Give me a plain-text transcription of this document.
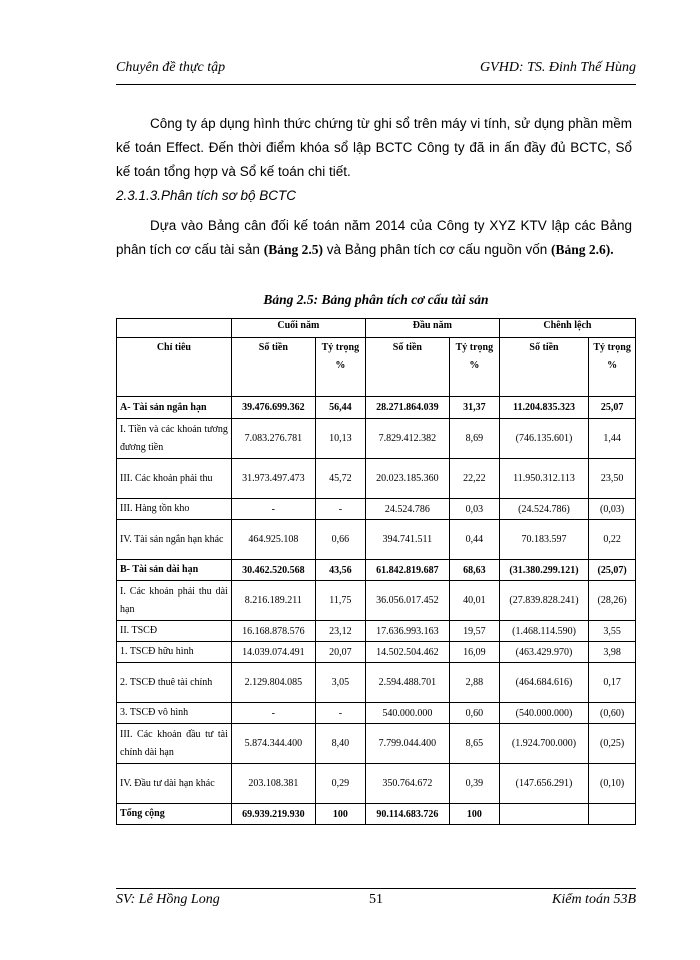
Chuyên đề thực tập	GVHD: TS. Đinh Thế Hùng
Công ty áp dụng hình thức chứng từ ghi sổ trên máy vi tính, sử dụng phần mềm kế toán Effect. Đến thời điểm khóa sổ lập BCTC Công ty đã in ấn đầy đủ BCTC, Sổ kế toán tổng hợp và Sổ kế toán chi tiết.
2.3.1.3.Phân tích sơ bộ BCTC
Dựa vào Bảng cân đối kế toán năm 2014 của Công ty XYZ KTV lập các Bảng phân tích cơ cấu tài sản (Bảng 2.5) và Bảng phân tích cơ cấu nguồn vốn (Bảng 2.6).
Bảng 2.5: Bảng phân tích cơ cấu tài sản
	Cuối năm		Đầu năm		Chênh lệch	
Chỉ tiêu	Số tiền	Tỷ trọng %	Số tiền	Tỷ trọng %	Số tiền	Tỷ trọng %
A- Tài sản ngắn hạn	39.476.699.362	56,44	28.271.864.039	31,37	11.204.835.323	25,07
I. Tiền và các khoản tương đương tiền	7.083.276.781	10,13	7.829.412.382	8,69	(746.135.601)	1,44
III. Các khoản phải thu	31.973.497.473	45,72	20.023.185.360	22,22	11.950.312.113	23,50
III. Hàng tồn kho	-	-	24.524.786	0,03	(24.524.786)	(0,03)
IV. Tài sản ngắn hạn khác	464.925.108	0,66	394.741.511	0,44	70.183.597	0,22
B- Tài sản dài hạn	30.462.520.568	43,56	61.842.819.687	68,63	(31.380.299.121)	(25,07)
I. Các khoản phải thu dài hạn	8.216.189.211	11,75	36.056.017.452	40,01	(27.839.828.241)	(28,26)
II. TSCĐ	16.168.878.576	23,12	17.636.993.163	19,57	(1.468.114.590)	3,55
1. TSCĐ hữu hình	14.039.074.491	20,07	14.502.504.462	16,09	(463.429.970)	3,98
2. TSCĐ thuê tài chính	2.129.804.085	3,05	2.594.488.701	2,88	(464.684.616)	0,17
3. TSCĐ vô hình	-	-	540.000.000	0,60	(540.000.000)	(0,60)
III. Các khoản đầu tư tài chính dài hạn	5.874.344.400	8,40	7.799.044.400	8,65	(1.924.700.000)	(0,25)
IV. Đầu tư dài hạn khác	203.108.381	0,29	350.764.672	0,39	(147.656.291)	(0,10)
Tổng cộng	69.939.219.930	100	90.114.683.726	100		
SV: Lê Hồng Long	51	Kiểm toán 53B
